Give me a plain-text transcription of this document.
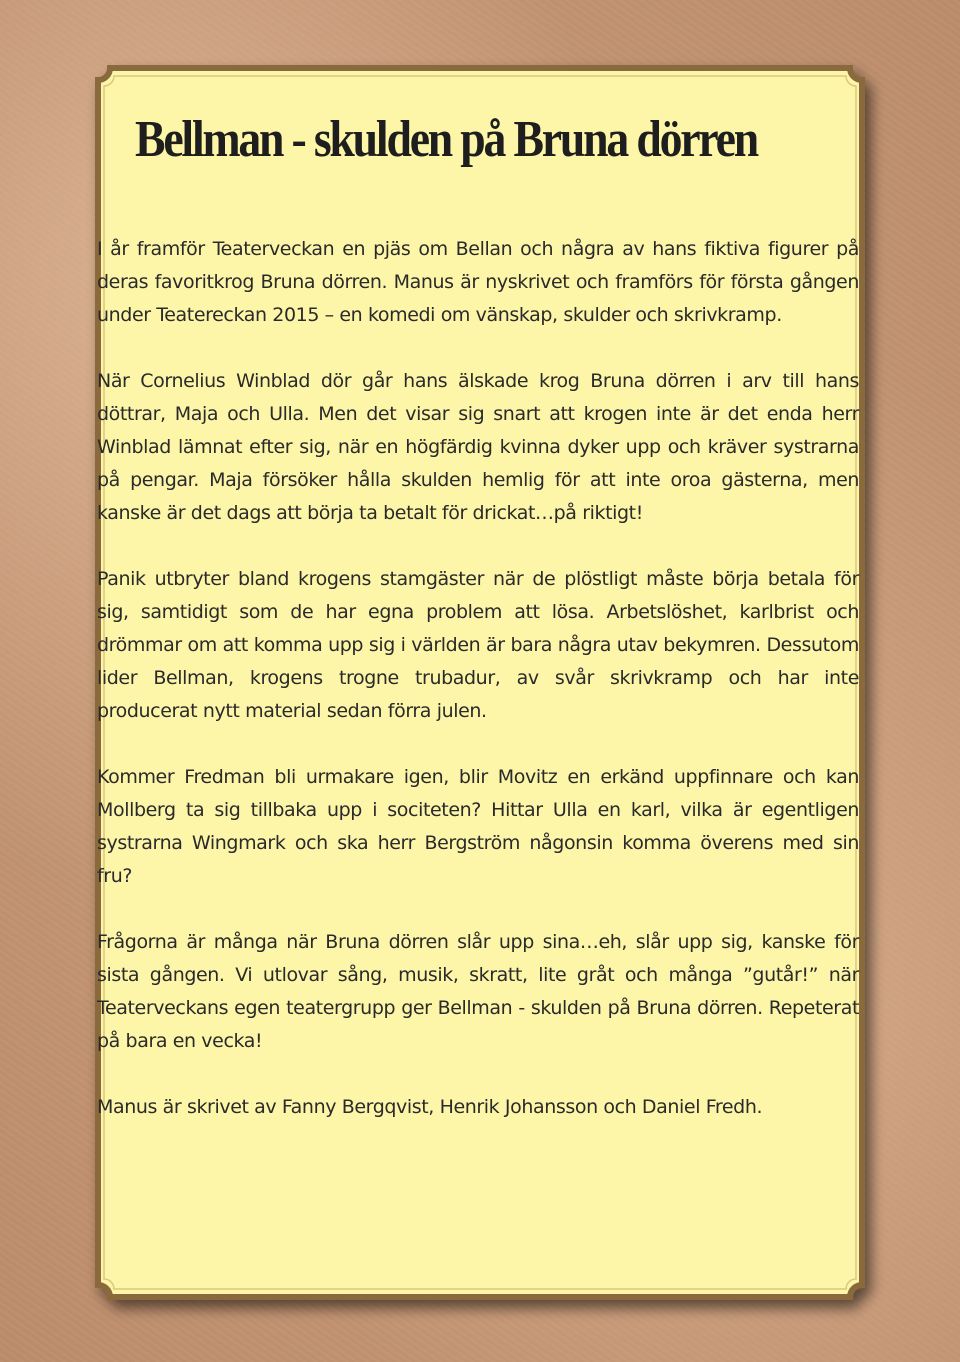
Bellman - skulden på Bruna dörren

I år framför Teaterveckan en pjäs om Bellan och några av hans fiktiva figurer på deras favoritkrog Bruna dörren. Manus är nyskrivet och framförs för första gången under Teatereckan 2015 – en komedi om vänskap, skulder och skrivkramp.

När Cornelius Winblad dör går hans älskade krog Bruna dörren i arv till hans döttrar, Maja och Ulla. Men det visar sig snart att krogen inte är det enda herr Winblad lämnat efter sig, när en högfärdig kvinna dyker upp och kräver systrarna på pengar. Maja försöker hålla skulden hemlig för att inte oroa gästerna, men kanske är det dags att börja ta betalt för drickat…på riktigt!

Panik utbryter bland krogens stamgäster när de plöstligt måste börja betala för sig, samtidigt som de har egna problem att lösa. Arbetslöshet, karlbrist och drömmar om att komma upp sig i världen är bara några utav bekymren. Dessutom lider Bellman, krogens trogne trubadur, av svår skrivkramp och har inte producerat nytt material sedan förra julen.

Kommer Fredman bli urmakare igen, blir Movitz en erkänd uppfinnare och kan Mollberg ta sig tillbaka upp i sociteten? Hittar Ulla en karl, vilka är egentligen systrarna Wingmark och ska herr Bergström någonsin komma överens med sin fru?

Frågorna är många när Bruna dörren slår upp sina…eh, slår upp sig, kanske för sista gången. Vi utlovar sång, musik, skratt, lite gråt och många ”gutår!” när Teaterveckans egen teatergrupp ger Bellman - skulden på Bruna dörren. Repeterat på bara en vecka!

Manus är skrivet av Fanny Bergqvist, Henrik Johansson och Daniel Fredh.
